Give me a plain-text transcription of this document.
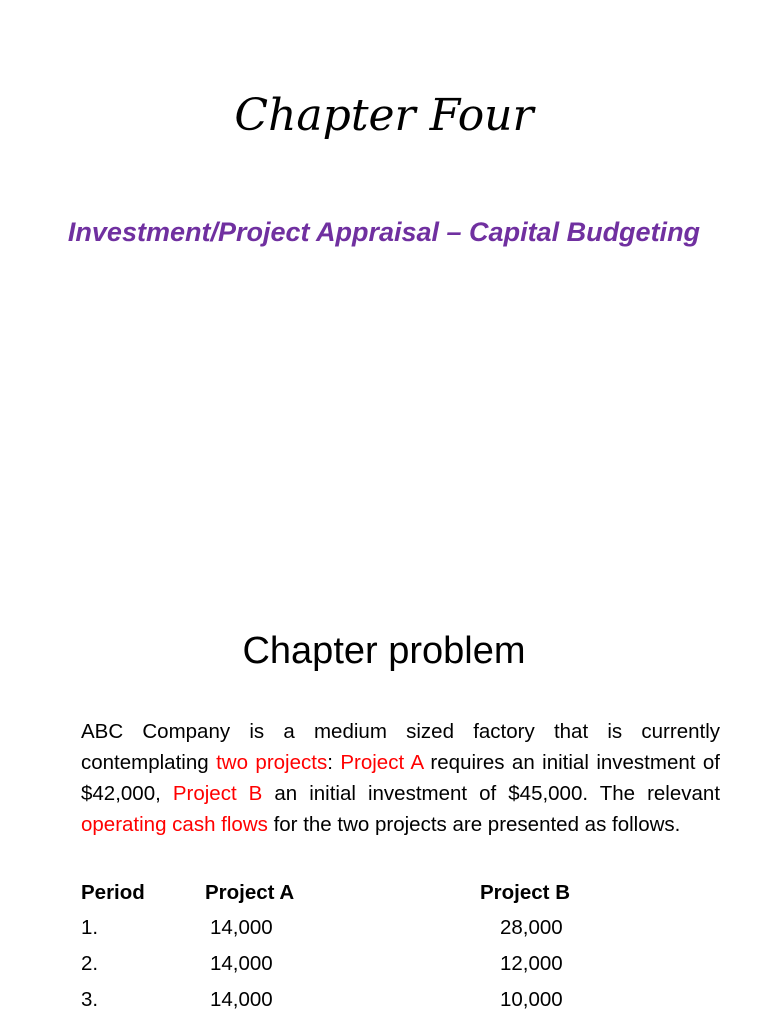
Chapter Four
Investment/Project Appraisal – Capital Budgeting
Chapter problem

ABC Company is a medium sized factory that is currently contemplating two projects: Project A requires an initial investment of $42,000, Project B an initial investment of $45,000. The relevant operating cash flows for the two projects are presented as follows.

Period	Project A	Project B
1.	14,000	28,000
2.	14,000	12,000
3.	14,000	10,000
